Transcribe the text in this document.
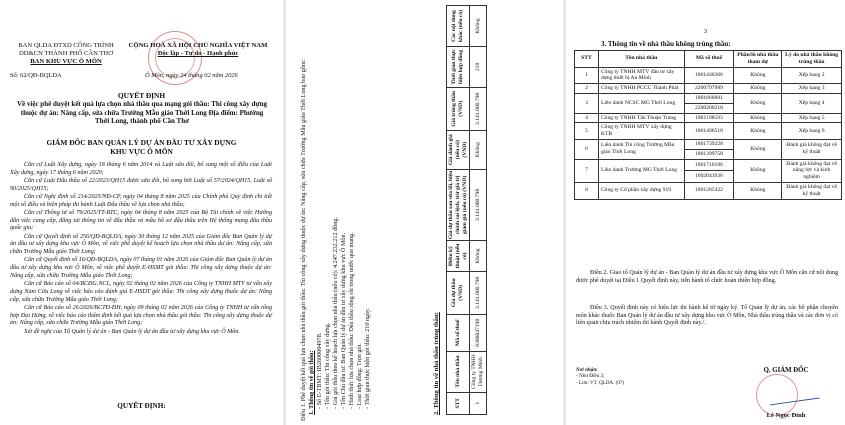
BAN QLDA ĐTXD CÔNG TRÌNH
DD&CN THÀNH PHỐ CẦN THƠ
BAN KHU VỰC Ô MÔN
CỘNG HOÀ XÃ HỘI CHỦ NGHĨA VIỆT NAM
Độc lập - Tự do - Hạnh phúc
Số: 62/QĐ-BQLDA	Ô Môn, ngày 24 tháng 02 năm 2026
QUYẾT ĐỊNH
Về việc phê duyệt kết quả lựa chọn nhà thầu qua mạng gói thầu: Thi công xây dựng thuộc dự án: Nâng cấp, sửa chữa Trường Mẫu giáo Thới Long Địa điểm: Phường Thới Long, thành phố Cần Thơ
GIÁM ĐỐC BAN QUẢN LÝ DỰ ÁN ĐẦU TƯ XÂY DỰNG
KHU VỰC Ô MÔN

Căn cứ Luật Xây dựng, ngày 18 tháng 6 năm 2014 và Luật sửa đổi, bổ sung một số điều của Luật Xây dựng, ngày 17 tháng 6 năm 2020;

Căn cứ Luật Đấu thầu số 22/2023/QH15 được sửa đổi, bổ sung bởi Luật số 57/2024/QH15, Luật số 90/2025/QH15;

Căn cứ Nghị định số 214/2025/NĐ-CP, ngày 04 tháng 8 năm 2025 của Chính phủ Quy định chi tiết một số điều và biện pháp thi hành Luật Đấu thầu về lựa chọn nhà thầu;

Căn cứ Thông tư số 79/2025/TT-BTC, ngày 04 tháng 8 năm 2025 của Bộ Tài chính về việc Hướng dẫn việc cung cấp, đăng tải thông tin về đấu thầu và mẫu hồ sơ đấu thầu trên Hệ thống mạng đấu thầu quốc gia;

Căn cứ Quyết định số 256/QĐ-BQLDA, ngày 30 tháng 12 năm 2025 của Giám đốc Ban Quản lý dự án đầu tư xây dựng khu vực Ô Môn, về việc phê duyệt kế hoạch lựa chọn nhà thầu dự án: Nâng cấp, sửa chữa Trường Mẫu giáo Thới Long;

Căn cứ Quyết định số 16/QĐ-BQLDA, ngày 07 tháng 01 năm 2026 của Giám đốc Ban Quản lý dự án đầu tư xây dựng khu vực Ô Môn, về việc phê duyệt E-HSMT gói thầu: Thi công xây dựng thuộc dự án: Nâng cấp, sửa chữa Trường Mẫu giáo Thới Long;

Căn cứ Báo cáo số 04/BCĐG.NCL, ngày 02 tháng 02 năm 2026 của Công ty TNHH MTV tư vấn xây dựng Nam Cửu Long về việc báo cáo đánh giá E-HSDT gói thầu: Thi công xây dựng thuộc dự án: Nâng cấp, sửa chữa Trường Mẫu giáo Thới Long;

Căn cứ Báo cáo số 26/2026/BCTĐ-ĐH, ngày 09 tháng 02 năm 2026 của Công ty TNHH tư vấn tổng hợp Đại Hưng, về việc báo cáo thẩm định kết quả lựa chọn nhà thầu gói thầu: Thi công xây dựng thuộc dự án: Nâng cấp, sửa chữa Trường Mẫu giáo Thới Long;

Xét đề nghị của Tổ Quản lý dự án - Ban Quản lý dự án đầu tư xây dựng khu vực Ô Môn.

QUYẾT ĐỊNH:	Điều 1. Phê duyệt kết quả lựa chọn nhà thầu gói thầu: Thi công xây dựng thuộc dự án: Nâng cấp, sửa chữa Trường Mẫu giáo Thới Long bao gồm: 1. Thông tin về gói thầu: - Số E-TBMT: IB2600004978. - Tên gói thầu: Thi công xây dựng. - Giá gói thầu theo kế hoạch lựa chọn nhà thầu (nếu có): 4.247.232.212 đồng. - Tên Chủ đầu tư: Ban Quản lý dự án đầu tư xây dựng khu vực Ô Môn. - Hình thức lựa chọn nhà thầu: Đấu thầu rộng rãi trong nước qua mạng. - Loại hợp đồng: Trọn gói. - Thời gian thực hiện gói thầu: 210 ngày.	2. Thông tin về nhà thầu trúng thầu:	STT	Tên nhà thầu	Mã số thuế	Giá dự thầu (VND)	Điểm kỹ thuật (nếu có)	Giá dự thầu sau sửa lỗi, hiệu chỉnh sai lệch, trừ giá trị giảm giá (nếu có) (VND)	Giá đánh giá (nếu có) (VND)	Giá trúng thầu (VND)	Thời gian thực hiện hợp đồng	Các nội dung khác (nếu có)
1	Công ty TNHH Dương Minh	6300047190	3.141.000.798	Không	3.141.000.798	Không	3.141.000.798	210	Không	3
3. Thông tin về nhà thầu không trúng thầu:
STT	Tên nhà thầu	Mã số thuế	Phần/lô nhà thầu tham dự	Lý do nhà thầu không trúng thầu
1	Công ty TNHH MTV đầu tư xây dựng thiết bị An Minh	1801446366	Không	Xếp hạng 2
2	Công ty TNHH PCCC Thành Phát	2200797989	Không	Xếp hạng 3
3	Liên danh NCSC MG Thới Long	1801666001	Không	Xếp hạng 4
		2200200218		
4	Công ty TNHH Tân Thuận Trung	1801198593	Không	Xếp hạng 5
5	Công ty TNHH MTV xây dựng KTB	1801406518	Không	Xếp hạng 6
6	Liên danh Thi công Trường Mẫu giáo Thới Long	1801739228	Không	Đánh giá không đạt về kỹ thuật
		1801399758		
7	Liên danh Trường MG Thới Long	1801716196	Không	Đánh giá không đạt về năng lực và kinh nghiệm
		1602041936		
8	Công ty Cổ phần xây dựng 919	1801285422	Không	Đánh giá không đạt về kỹ thuật
Điều 2. Giao tổ Quản lý dự án - Ban Quản lý dự án đầu tư xây dựng khu vực Ô Môn căn cứ nội dung được phê duyệt tại Điều 1 Quyết định này, tiến hành tổ chức hoàn thiện hợp đồng.
Điều 3. Quyết định này có hiệu lực thi hành kể từ ngày ký. Tổ Quản lý dự án, các bộ phận chuyên môn khác thuộc Ban Quản lý dự án đầu tư xây dựng khu vực Ô Môn, Nhà thầu trúng thầu và các đơn vị có liên quan chịu trách nhiệm thi hành Quyết định này./.
Nơi nhận:
- Như Điều 3;
- Lưu: VT, QLDA. (07)
Q. GIÁM ĐỐC
Lê Ngọc Đỉnh
